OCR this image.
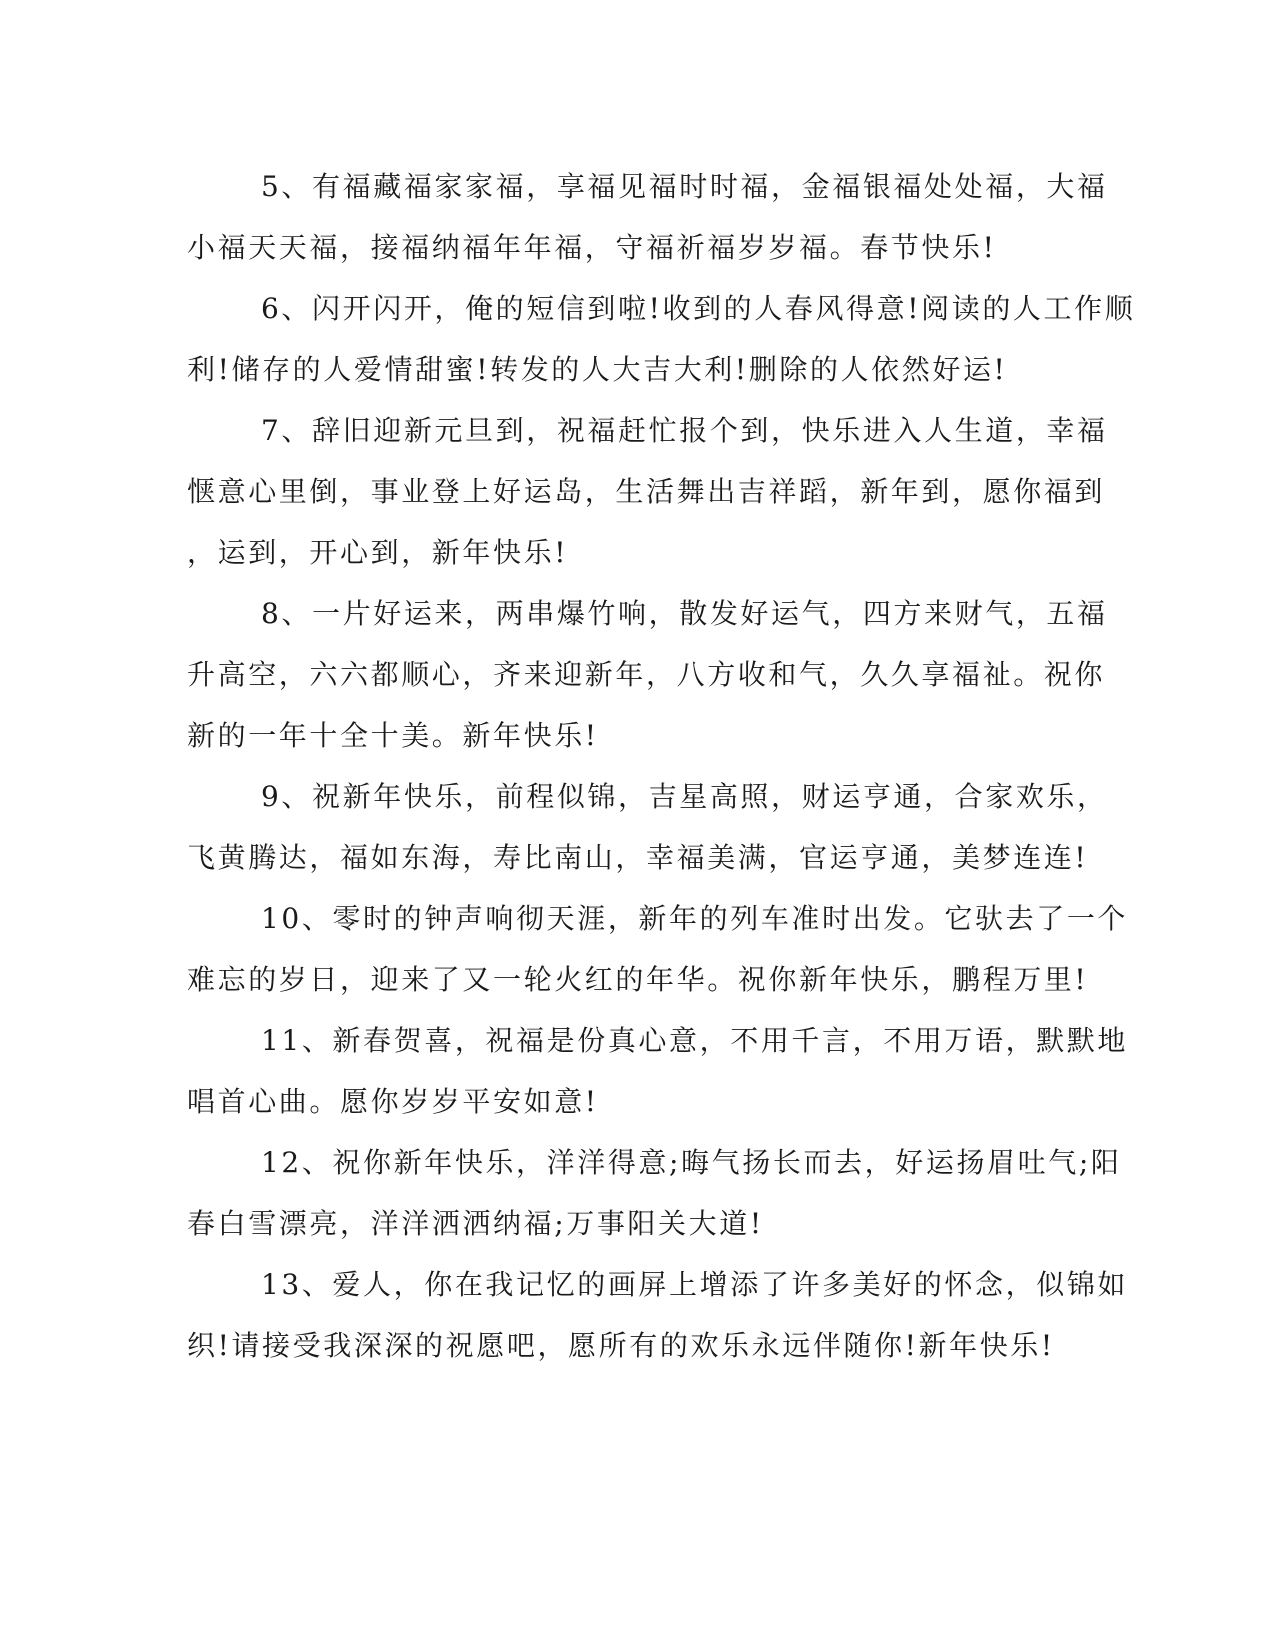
5、有福藏福家家福，享福见福时时福，金福银福处处福，大福
小福天天福，接福纳福年年福，守福祈福岁岁福。春节快乐!

6、闪开闪开，俺的短信到啦!收到的人春风得意!阅读的人工作顺
利!储存的人爱情甜蜜!转发的人大吉大利!删除的人依然好运!

7、辞旧迎新元旦到，祝福赶忙报个到，快乐进入人生道，幸福
惬意心里倒，事业登上好运岛，生活舞出吉祥蹈，新年到，愿你福到
，运到，开心到，新年快乐!

8、一片好运来，两串爆竹响，散发好运气，四方来财气，五福
升高空，六六都顺心，齐来迎新年，八方收和气，久久享福祉。祝你
新的一年十全十美。新年快乐!

9、祝新年快乐，前程似锦，吉星高照，财运亨通，合家欢乐，
飞黄腾达，福如东海，寿比南山，幸福美满，官运亨通，美梦连连!

10、零时的钟声响彻天涯，新年的列车准时出发。它驮去了一个
难忘的岁日，迎来了又一轮火红的年华。祝你新年快乐，鹏程万里!

11、新春贺喜，祝福是份真心意，不用千言，不用万语，默默地
唱首心曲。愿你岁岁平安如意!

12、祝你新年快乐，洋洋得意;晦气扬长而去，好运扬眉吐气;阳
春白雪漂亮，洋洋洒洒纳福;万事阳关大道!

13、爱人，你在我记忆的画屏上增添了许多美好的怀念，似锦如
织!请接受我深深的祝愿吧，愿所有的欢乐永远伴随你!新年快乐!
